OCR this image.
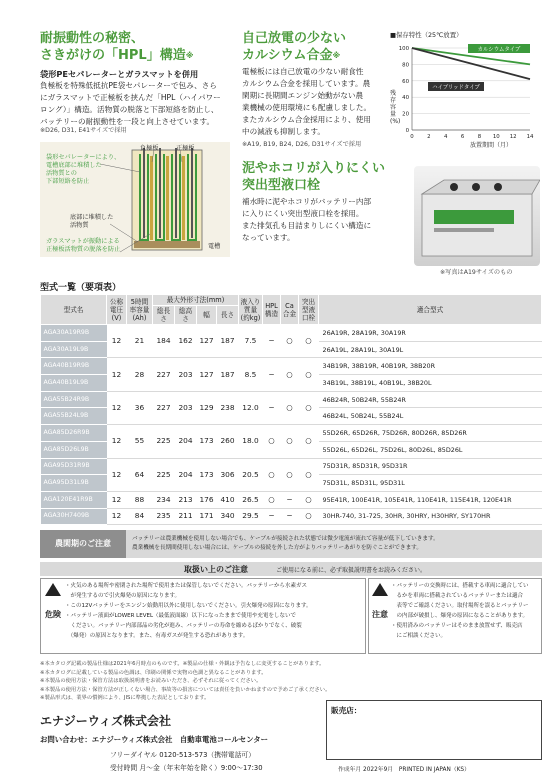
耐振動性の秘密、
さきがけの「HPL」構造※
袋形PEセパレーターとガラスマットを併用
負極板を特殊低抵抗PE袋セパレーターで包み、さら
にガラスマットで正極板を挟んだ「HPL（ハイパワー
ロング）」構造。活物質の脱落と下部短絡を防止し、
バッテリーの耐振動性を一段と向上させています。
※D26, D31, E41サイズで採用
負極板	正極板
袋形セパレーターにより、
電槽底部に堆積した
活物質との
下部短絡を防止
底部に堆積した
活物質
ガラスマットが振動による
正極板活物質の脱落を防止	電槽
自己放電の少ない
カルシウム合金※
電極板には自己放電の少ない耐食性
カルシウム合金を採用しています。農
閑期に長期間エンジン始動がない農
業機械の使用環境にも配慮しました。
またカルシウム合金採用により、使用
中の減液も抑制します。
※A19, B19, B24, D26, D31サイズで採用
■保存特性（25℃放置）
残存容量 (%)
0
20
40
60
80
100
0 2 4 6 8 10 12 14
カルシウムタイプ
ハイブリッドタイプ
放置期間（月）
泥やホコリが入りにくい
突出型液口栓
補水時に泥やホコリがバッテリー内部
に入りにくい突出型液口栓を採用。
また排気孔も目詰まりしにくい構造に
なっています。
※写真はA19サイズのもの
型式一覧（要項表）
型式名	公称電圧(V)	5時間率容量(Ah)	最大外形寸法(mm)				液入り質量(約kg)	HPL構造	Ca合金	突出型液口栓	適合型式
			総長さ	総高さ	幅	長さ					
AGA30A19R9B	12	21	184	162	127	187	7.5	−	○	○	26A19R, 28A19R, 30A19R
AGA30A19L9B											26A19L, 28A19L, 30A19L
AGA40B19R9B	12	28	227	203	127	187	8.5	−	○	○	34B19R, 38B19R, 40B19R, 38B20R
AGA40B19L9B											34B19L, 38B19L, 40B19L, 38B20L
AGA55B24R9B	12	36	227	203	129	238	12.0	−	○	○	46B24R, 50B24R, 55B24R
AGA55B24L9B											46B24L, 50B24L, 55B24L
AGA85D26R9B	12	55	225	204	173	260	18.0	○	○	○	55D26R, 65D26R, 75D26R, 80D26R, 85D26R
AGA85D26L9B											55D26L, 65D26L, 75D26L, 80D26L, 85D26L
AGA95D31R9B	12	64	225	204	173	306	20.5	○	○	○	75D31R, 85D31R, 95D31R
AGA95D31L9B											75D31L, 85D31L, 95D31L
AGA120E41R9B	12	88	234	213	176	410	26.5	○	−	○	95E41R, 100E41R, 105E41R, 110E41R, 115E41R, 120E41R
AGA30H7409B	12	84	235	211	171	340	29.5	−	−	○	30HR-740, 31-725, 30HR, 30HRY, H30HRY, SY170HR
農閑期のご注意	バッテリーは農業機械を使用しない場合でも、ケーブルが接続された状態では微少電流が流れて容量が低下していきます。
農業機械を長期間使用しない場合には、ケーブルの接続を外した方がよりバッテリーあがりを防ぐことができます。
取扱い上のご注意	ご使用になる前に、必ず取扱説明書をお読みください。
危険
・火気のある場所や密閉された場所で使用または保管しないでください。バッテリーから水素ガス
　が発生するので引火爆発の原因になります。
・この12Vバッテリーをエンジン始動用以外に使用しないでください。引火爆発の原因になります。
・バッテリー液面がLOWER LEVEL（最低液面線）以下になったままで使用や充電をしないで
　ください。バッテリー内部部品の劣化が進み、バッテリーの寿命を縮めるばかりでなく、破裂
　（爆発）の原因となります。また、有毒ガスが発生する恐れがあります。
注意
・バッテリーの交換時には、搭載する車両に適合してい
　るかを車両に搭載されているバッテリーまたは適合
　表等でご確認ください。取付場所を誤るとバッテリー
　の内部が破損し、爆発の原因になることがあります。
・使用済みのバッテリーはそのまま放置せず、販売店
　にご相談ください。
※本カタログ記載の製品仕様は2021年6月時点のものです。※製品の仕様・外観は予告なしに変更することがあります。
※本カタログに記載している製品の色調は、印刷の関係で実物の色調と異なることがあります。
※本製品の使用方法・保管方法は取扱説明書をお読みいただき、必ずそれに従ってください。
※本製品の使用方法・保管方法が正しくない場合、事故等の損害については責任を負いかねますので予めご了承ください。
※製品形式は、業界の慣例により、JISに準拠した表記としております。
エナジーウィズ株式会社
お問い合わせ：エナジーウィズ株式会社　自動車電池コールセンター
フリーダイヤル 0120-513-573（携帯電話可）
受付時間 月〜金（年末年始を除く）9:00〜17:30
販売店：
作成年月 2022年9月　PRINTED IN JAPAN（KS）
